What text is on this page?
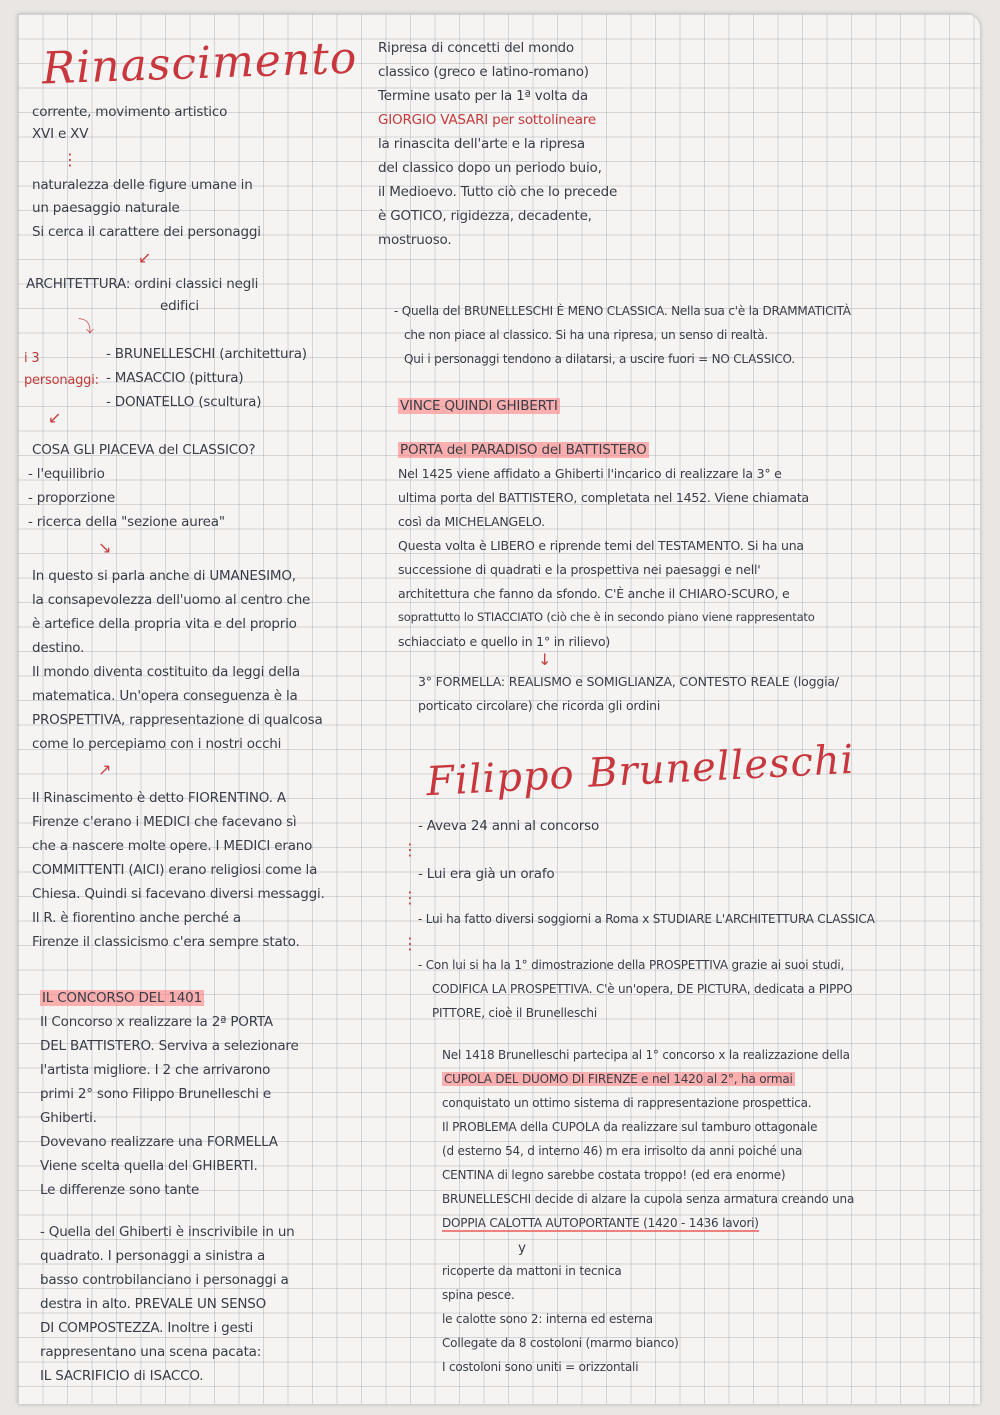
Rinascimento
corrente, movimento artistico
XVI e XV
⋮
naturalezza delle figure umane in
un paesaggio naturale
Si cerca il carattere dei personaggi
↙
ARCHITETTURA: ordini classici negli
edifici
⤵
i 3 personaggi:
- BRUNELLESCHI (architettura)
- MASACCIO (pittura)
- DONATELLO (scultura)
↙
COSA GLI PIACEVA del CLASSICO?
- l'equilibrio
- proporzione
- ricerca della "sezione aurea"
↘
In questo si parla anche di UMANESIMO,
la consapevolezza dell'uomo al centro che
è artefice della propria vita e del proprio
destino.
Il mondo diventa costituito da leggi della
matematica. Un'opera conseguenza è la
PROSPETTIVA, rappresentazione di qualcosa
come lo percepiamo con i nostri occhi
↗
Il Rinascimento è detto FIORENTINO. A
Firenze c'erano i MEDICI che facevano sì
che a nascere molte opere. I MEDICI erano
COMMITTENTI (AICI) erano religiosi come la
Chiesa. Quindi si facevano diversi messaggi.
Il R. è fiorentino anche perché a
Firenze il classicismo c'era sempre stato.
IL CONCORSO DEL 1401
Il Concorso x realizzare la 2ª PORTA
DEL BATTISTERO. Serviva a selezionare
l'artista migliore. I 2 che arrivarono
primi 2° sono Filippo Brunelleschi e
Ghiberti.
Dovevano realizzare una FORMELLA
Viene scelta quella del GHIBERTI.
Le differenze sono tante
- Quella del Ghiberti è inscrivibile in un
quadrato. I personaggi a sinistra a
basso controbilanciano i personaggi a
destra in alto. PREVALE UN SENSO
DI COMPOSTEZZA. Inoltre i gesti
rappresentano una scena pacata:
IL SACRIFICIO di ISACCO.
Ripresa di concetti del mondo
classico (greco e latino-romano)
Termine usato per la 1ª volta da
GIORGIO VASARI per sottolineare
la rinascita dell'arte e la ripresa
del classico dopo un periodo buio,
il Medioevo. Tutto ciò che lo precede
è GOTICO, rigidezza, decadente,
mostruoso.
- Quella del BRUNELLESCHI È MENO CLASSICA. Nella sua c'è la DRAMMATICITÀ
che non piace al classico. Si ha una ripresa, un senso di realtà.
Qui i personaggi tendono a dilatarsi, a uscire fuori = NO CLASSICO.
VINCE QUINDI GHIBERTI
PORTA del PARADISO del BATTISTERO
Nel 1425 viene affidato a Ghiberti l'incarico di realizzare la 3° e
ultima porta del BATTISTERO, completata nel 1452. Viene chiamata
così da MICHELANGELO.
Questa volta è LIBERO e riprende temi del TESTAMENTO. Si ha una
successione di quadrati e la prospettiva nei paesaggi e nell'
architettura che fanno da sfondo. C'È anche il CHIARO-SCURO, e
soprattutto lo STIACCIATO (ciò che è in secondo piano viene rappresentato
schiacciato e quello in 1° in rilievo)
↓
3° FORMELLA: REALISMO e SOMIGLIANZA, CONTESTO REALE (loggia/
porticato circolare) che ricorda gli ordini
Filippo Brunelleschi
- Aveva 24 anni al concorso
⋮
- Lui era già un orafo
⋮
- Lui ha fatto diversi soggiorni a Roma x STUDIARE L'ARCHITETTURA CLASSICA
⋮
- Con lui si ha la 1° dimostrazione della PROSPETTIVA grazie ai suoi studi,
CODIFICA LA PROSPETTIVA. C'è un'opera, DE PICTURA, dedicata a PIPPO
PITTORE, cioè il Brunelleschi
Nel 1418 Brunelleschi partecipa al 1° concorso x la realizzazione della
CUPOLA DEL DUOMO DI FIRENZE e nel 1420 al 2°, ha ormai
conquistato un ottimo sistema di rappresentazione prospettica.
Il PROBLEMA della CUPOLA da realizzare sul tamburo ottagonale
(d esterno 54, d interno 46) m era irrisolto da anni poiché una
CENTINA di legno sarebbe costata troppo! (ed era enorme)
BRUNELLESCHI decide di alzare la cupola senza armatura creando una
DOPPIA CALOTTA AUTOPORTANTE (1420 - 1436 lavori)
y
ricoperte da mattoni in tecnica
spina pesce.
le calotte sono 2: interna ed esterna
Collegate da 8 costoloni (marmo bianco)
I costoloni sono uniti = orizzontali
